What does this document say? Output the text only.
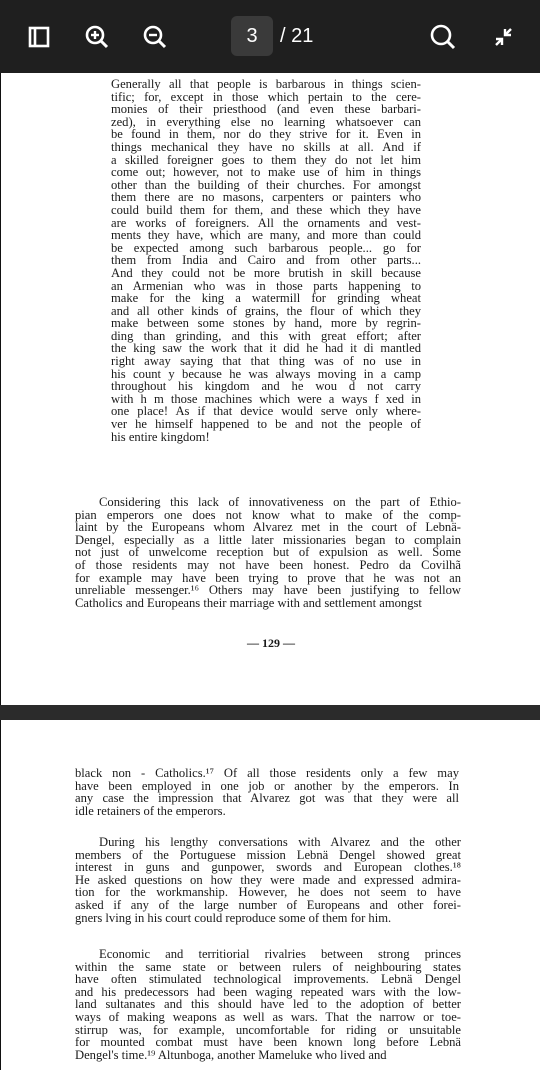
3	/ 21
Generally all that people is barbarous in things scien-
tific; for, except in those which pertain to the cere-
monies of their priesthood (and even these barbari-
zed), in everything else no learning whatsoever can
be found in them, nor do they strive for it. Even in
things mechanical they have no skills at all. And if
a skilled foreigner goes to them they do not let him
come out; however, not to make use of him in things
other than the building of their churches. For amongst
them there are no masons, carpenters or painters who
could build them for them, and these which they have
are works of foreigners. All the ornaments and vest-
ments they have, which are many, and more than could
be expected among such barbarous people... go for
them from India and Cairo and from other parts...
And they could not be more brutish in skill because
an Armenian who was in those parts happening to
make for the king a watermill for grinding wheat
and all other kinds of grains, the flour of which they
make between some stones by hand, more by regrin-
ding than grinding, and this with great effort; after
the king saw the work that it did he had it di mantled
right away saying that that thing was of no use in
his count y because he was always moving in a camp
throughout his kingdom and he wou d not carry
with h m those machines which were a ways f xed in
one place! As if that device would serve only where-
ver he himself happened to be and not the people of
his entire kingdom!
Considering this lack of innovativeness on the part of Ethio-
pian emperors one does not know what to make of the comp-
laint by the Europeans whom Alvarez met in the court of Lebnä-
Dengel, especially as a little later missionaries began to complain
not just of unwelcome reception but of expulsion as well. Some
of those residents may not have been honest. Pedro da Covilhã
for example may have been trying to prove that he was not an
unreliable messenger.¹⁶ Others may have been justifying to fellow
Catholics and Europeans their marriage with and settlement amongst
— 129 —
black non - Catholics.¹⁷ Of all those residents only a few may
have been employed in one job or another by the emperors. In
any case the impression that Alvarez got was that they were all
idle retainers of the emperors.
During his lengthy conversations with Alvarez and the other
members of the Portuguese mission Lebnä Dengel showed great
interest in guns and gunpower, swords and European clothes.¹⁸
He asked questions on how they were made and expressed admira-
tion for the workmanship. However, he does not seem to have
asked if any of the large number of Europeans and other forei-
gners lving in his court could reproduce some of them for him.
Economic and territiorial rivalries between strong princes
within the same state or between rulers of neighbouring states
have often stimulated technological improvements. Lebnä Dengel
and his predecessors had been waging repeated wars with the low-
land sultanates and this should have led to the adoption of better
ways of making weapons as well as wars. That the narrow or toe-
stirrup was, for example, uncomfortable for riding or unsuitable
for mounted combat must have been known long before Lebnä
Dengel's time.¹⁹ Altunboga, another Mameluke who lived and
